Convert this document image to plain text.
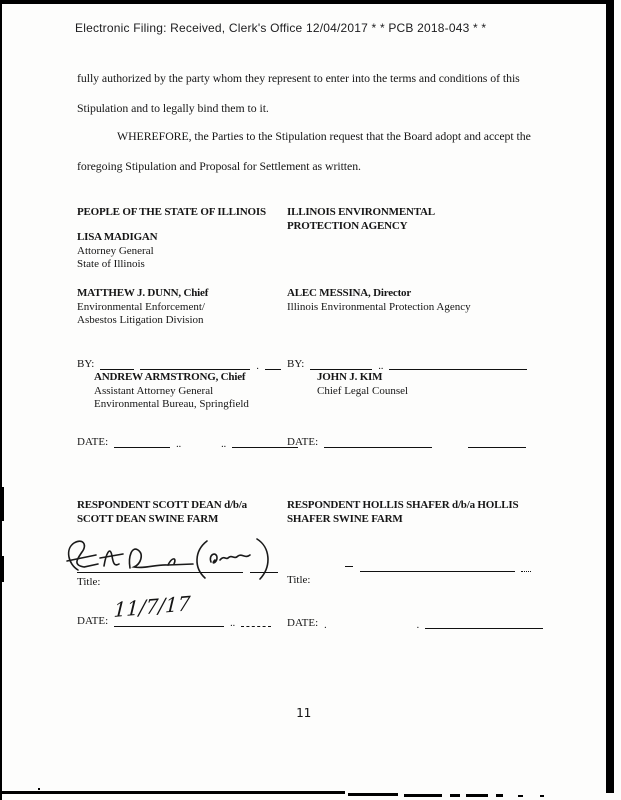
Electronic Filing: Received, Clerk's Office 12/04/2017 * * PCB 2018-043 * *
fully authorized by the party whom they represent to enter into the terms and conditions of this
Stipulation and to legally bind them to it.
WHEREFORE, the Parties to the Stipulation request that the Board adopt and accept the
foregoing Stipulation and Proposal for Settlement as written.
PEOPLE OF THE STATE OF ILLINOIS
LISA MADIGAN
Attorney General
State of Illinois
MATTHEW J. DUNN, Chief
Environmental Enforcement/
Asbestos Litigation Division
BY:	.
ANDREW ARMSTRONG, Chief
Assistant Attorney General
Environmental Bureau, Springfield
DATE:	..	..
ILLINOIS ENVIRONMENTAL
PROTECTION AGENCY
ALEC MESSINA, Director
Illinois Environmental Protection Agency
BY:	..
JOHN J. KIM
Chief Legal Counsel
DATE:
RESPONDENT SCOTT DEAN d/b/a
SCOTT DEAN SWINE FARM
Title:
DATE:	..
11/7/17
RESPONDENT HOLLIS SHAFER d/b/a HOLLIS
SHAFER SWINE FARM
Title:
DATE: .	.
11
